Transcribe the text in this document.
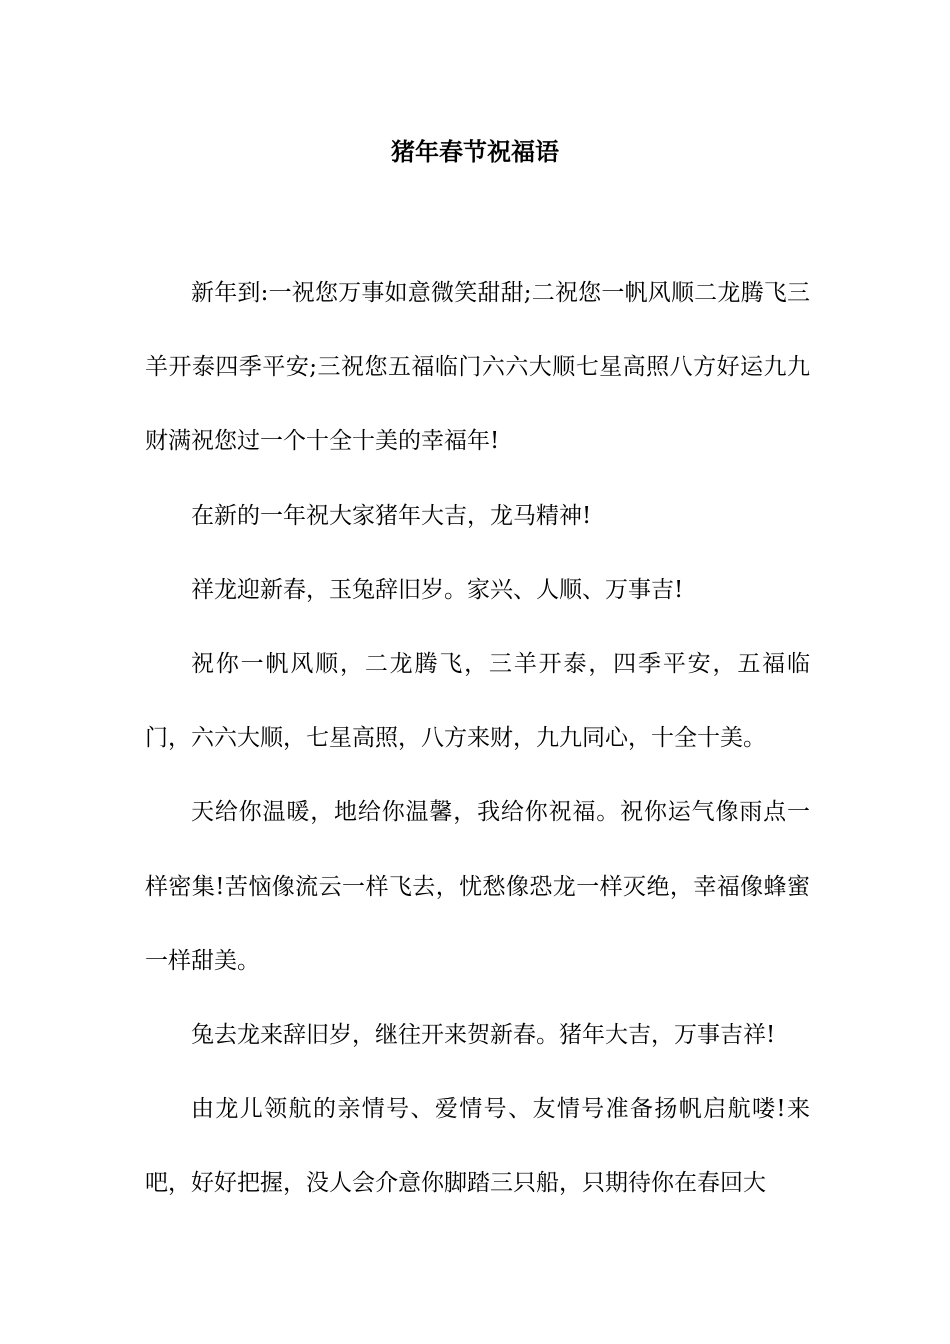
猪年春节祝福语

新年到:一祝您万事如意微笑甜甜;二祝您一帆风顺二龙腾飞三羊开泰四季平安;三祝您五福临门六六大顺七星高照八方好运九九财满祝您过一个十全十美的幸福年!

在新的一年祝大家猪年大吉，龙马精神!

祥龙迎新春，玉兔辞旧岁。家兴、人顺、万事吉!

祝你一帆风顺，二龙腾飞，三羊开泰，四季平安，五福临门，六六大顺，七星高照，八方来财，九九同心，十全十美。

天给你温暖，地给你温馨，我给你祝福。祝你运气像雨点一样密集!苦恼像流云一样飞去，忧愁像恐龙一样灭绝，幸福像蜂蜜一样甜美。

兔去龙来辞旧岁，继往开来贺新春。猪年大吉，万事吉祥!

由龙儿领航的亲情号、爱情号、友情号准备扬帆启航喽!来吧，好好把握，没人会介意你脚踏三只船，只期待你在春回大
